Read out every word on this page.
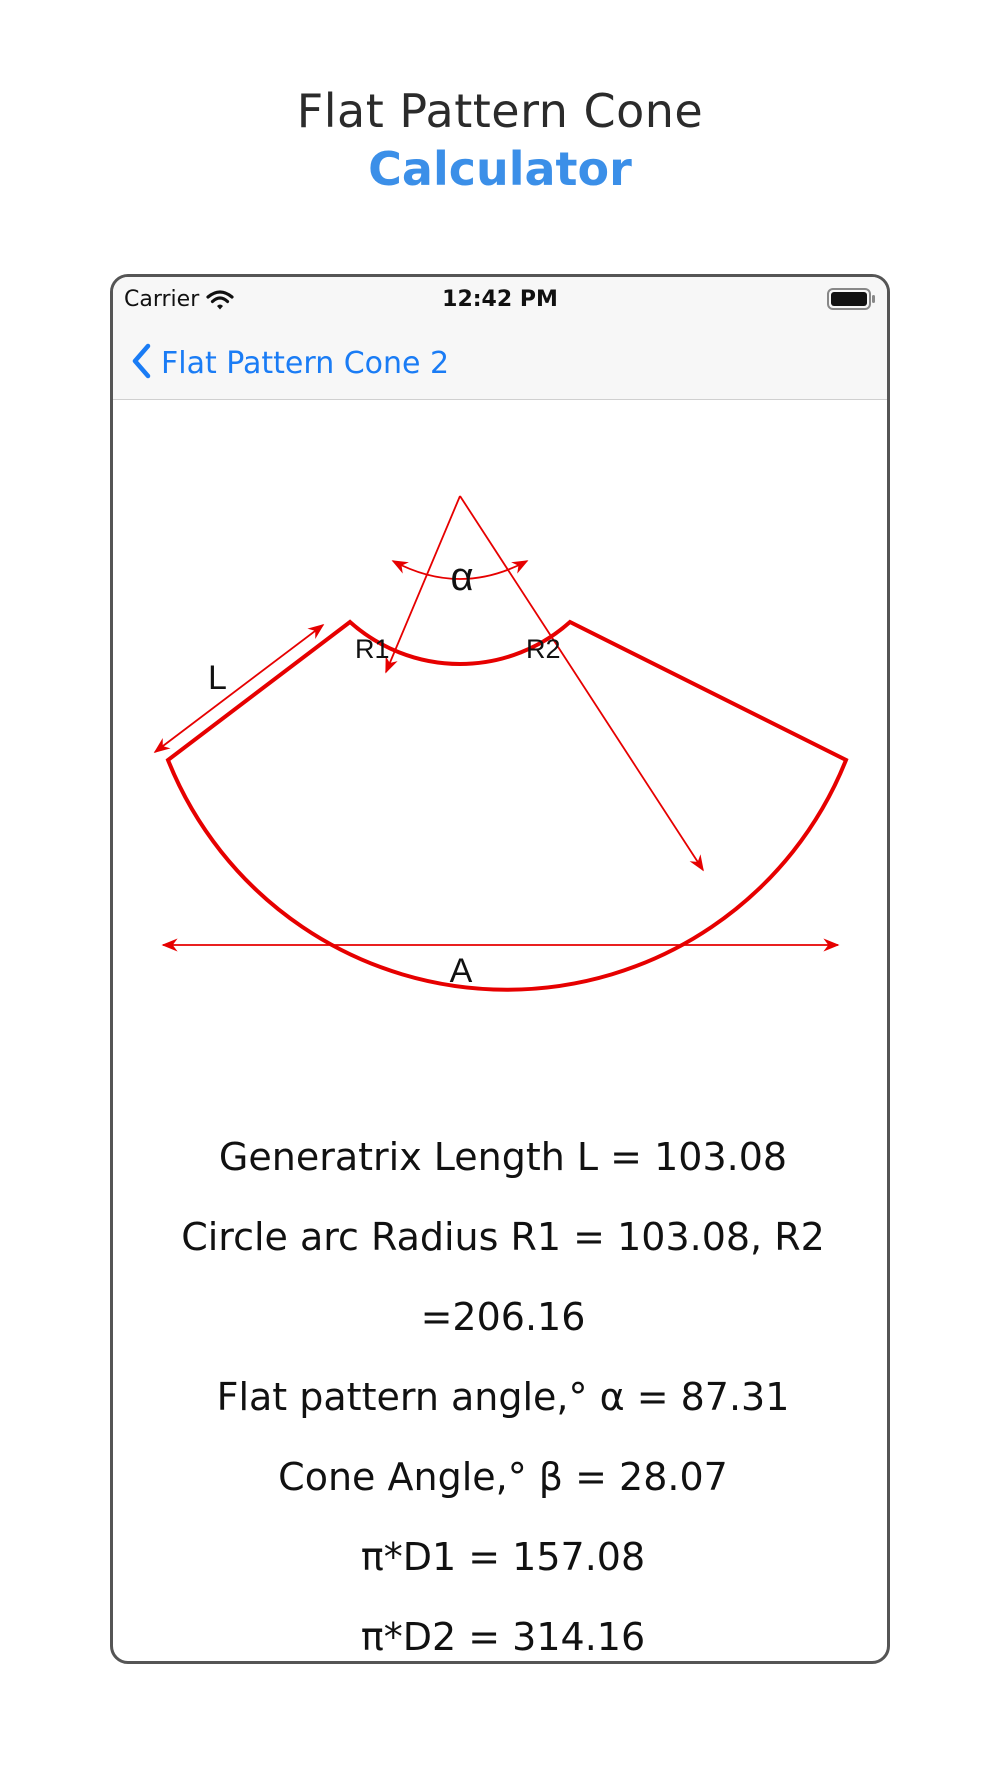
Flat Pattern Cone
Calculator
Carrier	12:42 PM
Flat Pattern Cone 2
α
R1	R2
L
A
Generatrix Length L = 103.08
Circle arc Radius R1 = 103.08, R2
=206.16
Flat pattern angle,° α = 87.31
Cone Angle,° β = 28.07
π*D1 = 157.08
π*D2 = 314.16
